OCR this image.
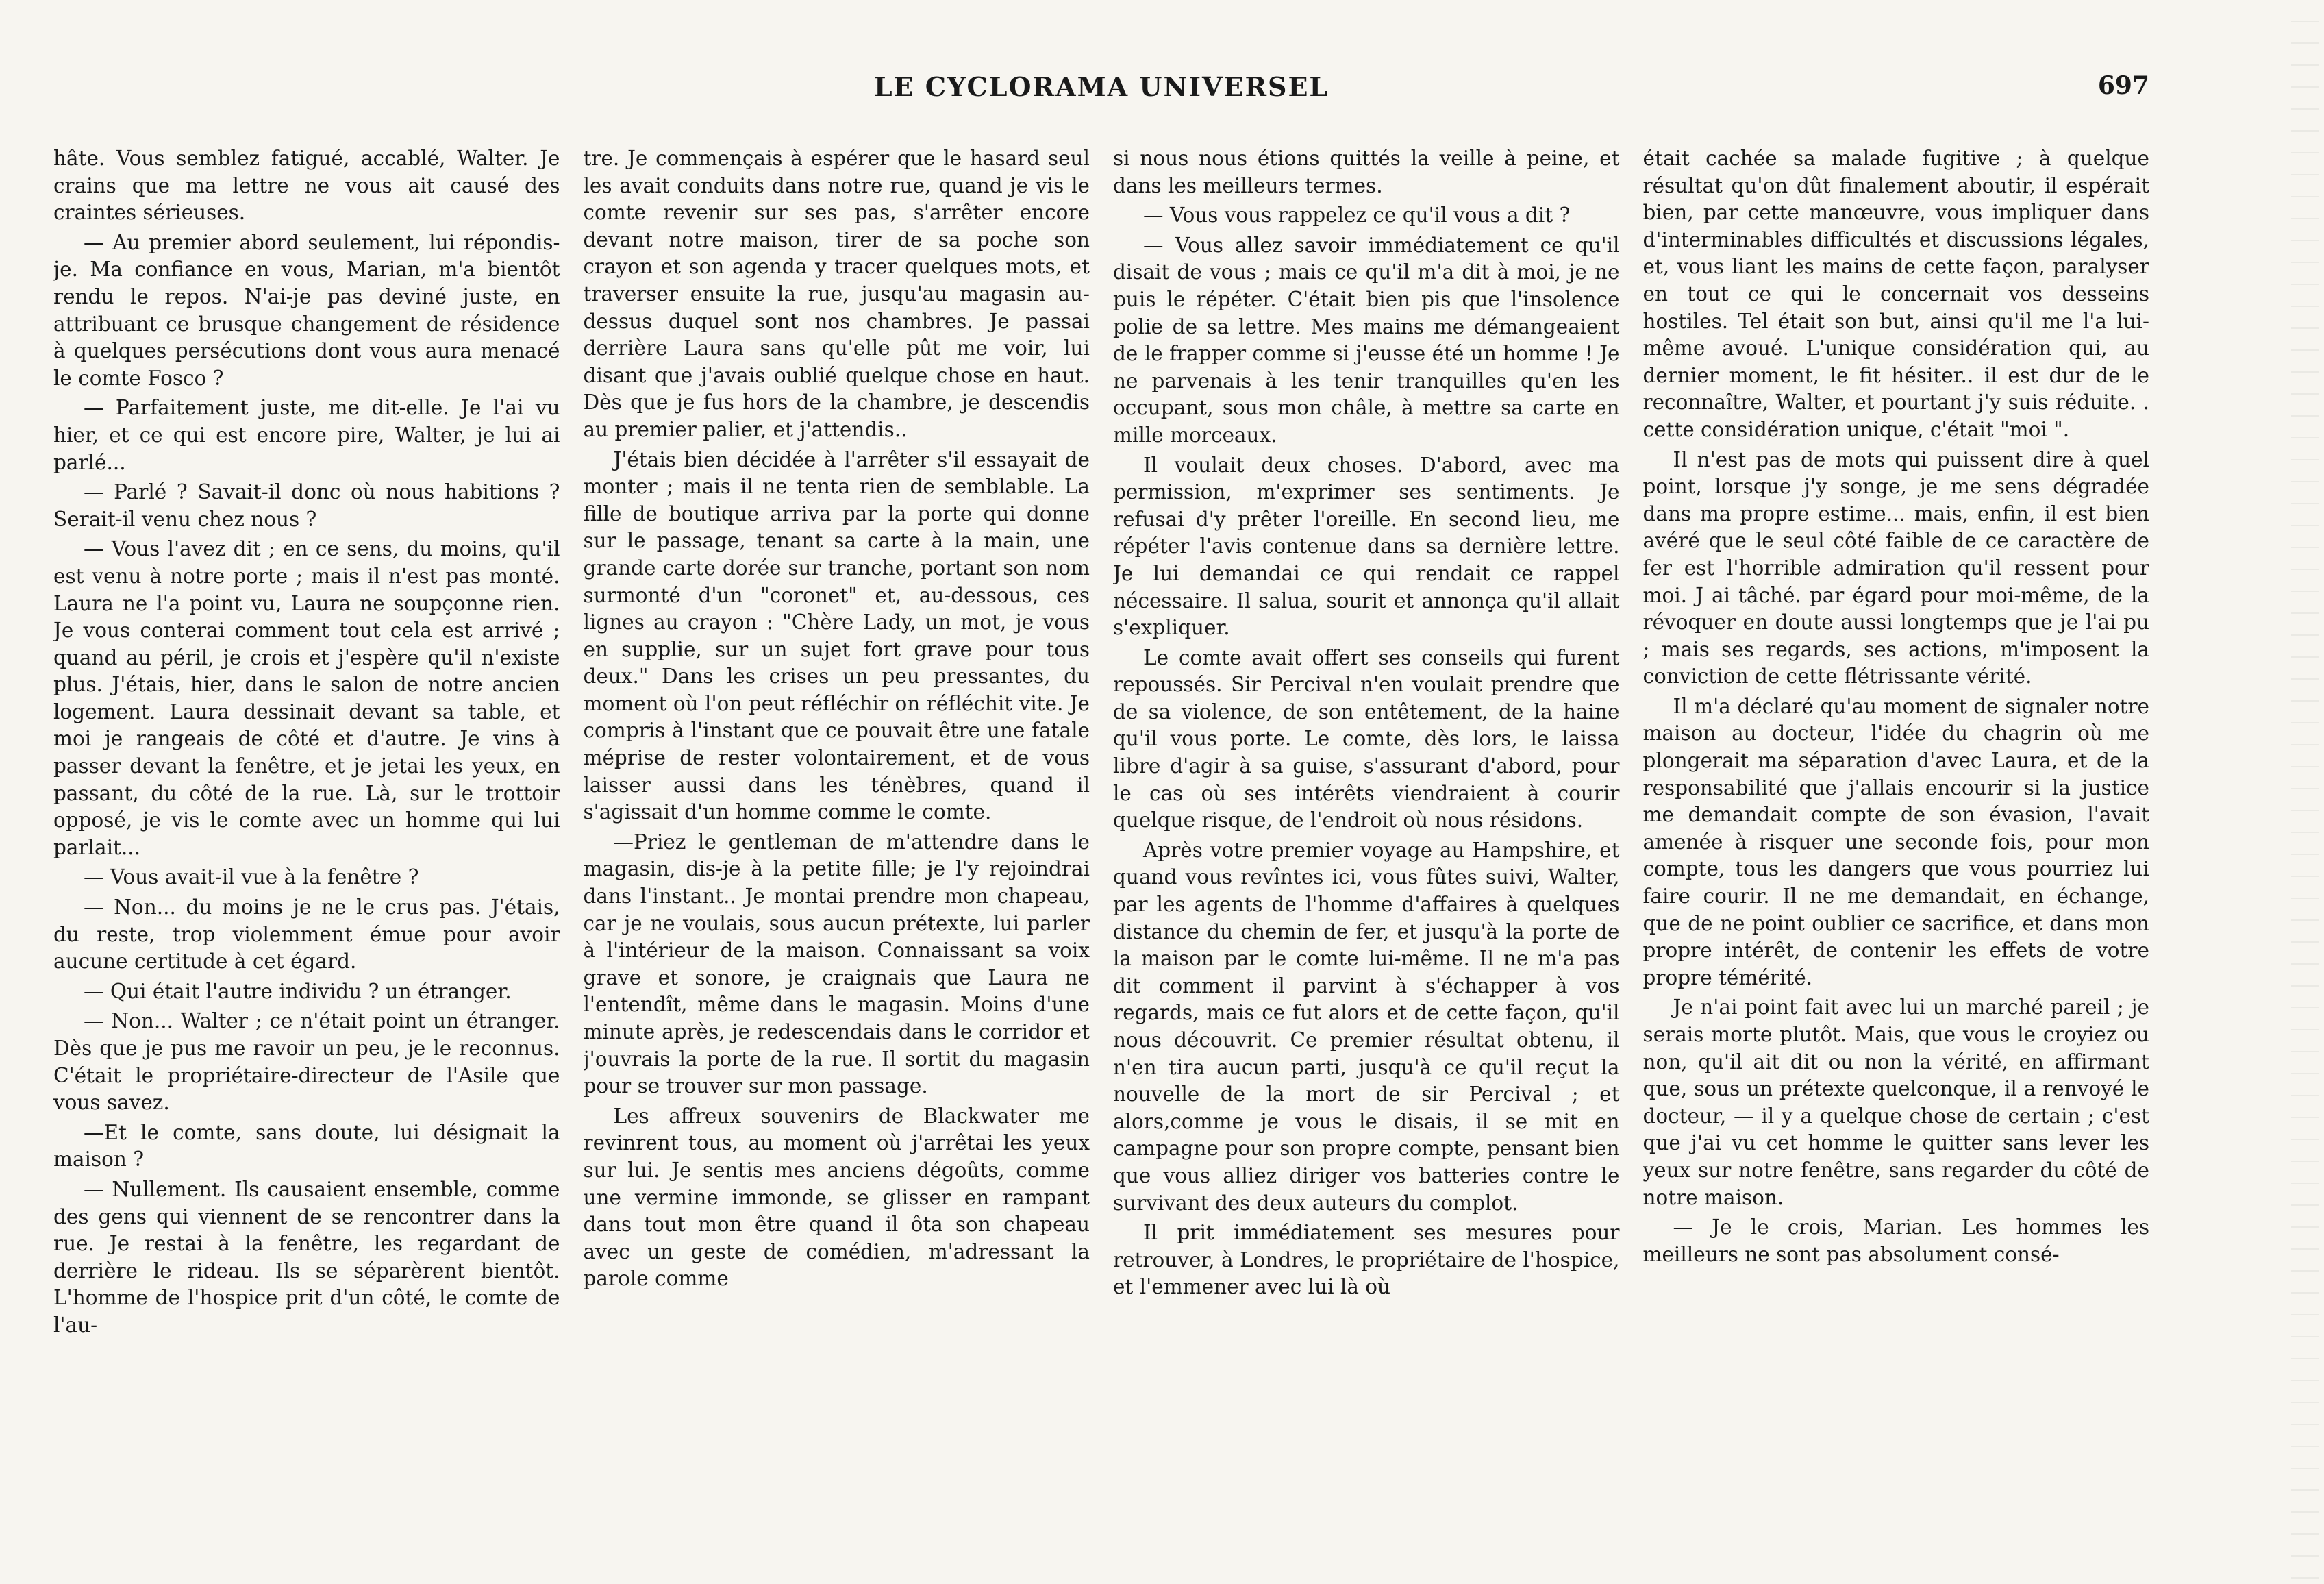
LE CYCLORAMA UNIVERSEL	697

hâte. Vous semblez fatigué, accablé, Walter. Je crains que ma lettre ne vous ait causé des craintes sérieuses.

— Au premier abord seulement, lui répondis-je. Ma confiance en vous, Marian, m'a bientôt rendu le repos. N'ai-je pas deviné juste, en attribuant ce brusque changement de résidence à quelques persécutions dont vous aura menacé le comte Fosco ?

— Parfaitement juste, me dit-elle. Je l'ai vu hier, et ce qui est encore pire, Walter, je lui ai parlé...

— Parlé ? Savait-il donc où nous habitions ? Serait-il venu chez nous ?

— Vous l'avez dit ; en ce sens, du moins, qu'il est venu à notre porte ; mais il n'est pas monté. Laura ne l'a point vu, Laura ne soupçonne rien. Je vous conterai comment tout cela est arrivé ; quand au péril, je crois et j'espère qu'il n'existe plus. J'étais, hier, dans le salon de notre ancien logement. Laura dessinait devant sa table, et moi je rangeais de côté et d'autre. Je vins à passer devant la fenêtre, et je jetai les yeux, en passant, du côté de la rue. Là, sur le trottoir opposé, je vis le comte avec un homme qui lui parlait...

— Vous avait-il vue à la fenêtre ?

— Non... du moins je ne le crus pas. J'étais, du reste, trop violemment émue pour avoir aucune certitude à cet égard.

— Qui était l'autre individu ? un étranger.

— Non... Walter ; ce n'était point un étranger. Dès que je pus me ravoir un peu, je le reconnus. C'était le propriétaire-directeur de l'Asile que vous savez.

—Et le comte, sans doute, lui désignait la maison ?

— Nullement. Ils causaient ensemble, comme des gens qui viennent de se rencontrer dans la rue. Je restai à la fenêtre, les regardant de derrière le rideau. Ils se séparèrent bientôt. L'homme de l'hospice prit d'un côté, le comte de l'au-

tre. Je commençais à espérer que le hasard seul les avait conduits dans notre rue, quand je vis le comte revenir sur ses pas, s'arrêter encore devant notre maison, tirer de sa poche son crayon et son agenda y tracer quelques mots, et traverser ensuite la rue, jusqu'au magasin au-dessus duquel sont nos chambres. Je passai derrière Laura sans qu'elle pût me voir, lui disant que j'avais oublié quelque chose en haut. Dès que je fus hors de la chambre, je descendis au premier palier, et j'attendis..

J'étais bien décidée à l'arrêter s'il essayait de monter ; mais il ne tenta rien de semblable. La fille de boutique arriva par la porte qui donne sur le passage, tenant sa carte à la main, une grande carte dorée sur tranche, portant son nom surmonté d'un "coronet" et, au-dessous, ces lignes au crayon : "Chère Lady, un mot, je vous en supplie, sur un sujet fort grave pour tous deux." Dans les crises un peu pressantes, du moment où l'on peut réfléchir on réfléchit vite. Je compris à l'instant que ce pouvait être une fatale méprise de rester volontairement, et de vous laisser aussi dans les ténèbres, quand il s'agissait d'un homme comme le comte.

—Priez le gentleman de m'attendre dans le magasin, dis-je à la petite fille; je l'y rejoindrai dans l'instant.. Je montai prendre mon chapeau, car je ne voulais, sous aucun prétexte, lui parler à l'intérieur de la maison. Connaissant sa voix grave et sonore, je craignais que Laura ne l'entendît, même dans le magasin. Moins d'une minute après, je redescendais dans le corridor et j'ouvrais la porte de la rue. Il sortit du magasin pour se trouver sur mon passage.

Les affreux souvenirs de Blackwater me revinrent tous, au moment où j'arrêtai les yeux sur lui. Je sentis mes anciens dégoûts, comme une vermine immonde, se glisser en rampant dans tout mon être quand il ôta son chapeau avec un geste de comédien, m'adressant la parole comme

si nous nous étions quittés la veille à peine, et dans les meilleurs termes.

— Vous vous rappelez ce qu'il vous a dit ?

— Vous allez savoir immédiatement ce qu'il disait de vous ; mais ce qu'il m'a dit à moi, je ne puis le répéter. C'était bien pis que l'insolence polie de sa lettre. Mes mains me démangeaient de le frapper comme si j'eusse été un homme ! Je ne parvenais à les tenir tranquilles qu'en les occupant, sous mon châle, à mettre sa carte en mille morceaux.

Il voulait deux choses. D'abord, avec ma permission, m'exprimer ses sentiments. Je refusai d'y prêter l'oreille. En second lieu, me répéter l'avis contenue dans sa dernière lettre. Je lui demandai ce qui rendait ce rappel nécessaire. Il salua, sourit et annonça qu'il allait s'expliquer.

Le comte avait offert ses conseils qui furent repoussés. Sir Percival n'en voulait prendre que de sa violence, de son entêtement, de la haine qu'il vous porte. Le comte, dès lors, le laissa libre d'agir à sa guise, s'assurant d'abord, pour le cas où ses intérêts viendraient à courir quelque risque, de l'endroit où nous résidons.

Après votre premier voyage au Hampshire, et quand vous revîntes ici, vous fûtes suivi, Walter, par les agents de l'homme d'affaires à quelques distance du chemin de fer, et jusqu'à la porte de la maison par le comte lui-même. Il ne m'a pas dit comment il parvint à s'échapper à vos regards, mais ce fut alors et de cette façon, qu'il nous découvrit. Ce premier résultat obtenu, il n'en tira aucun parti, jusqu'à ce qu'il reçut la nouvelle de la mort de sir Percival ; et alors,comme je vous le disais, il se mit en campagne pour son propre compte, pensant bien que vous alliez diriger vos batteries contre le survivant des deux auteurs du complot.

Il prit immédiatement ses mesures pour retrouver, à Londres, le propriétaire de l'hospice, et l'emmener avec lui là où

était cachée sa malade fugitive ; à quelque résultat qu'on dût finalement aboutir, il espérait bien, par cette manœuvre, vous impliquer dans d'interminables difficultés et discussions légales, et, vous liant les mains de cette façon, paralyser en tout ce qui le concernait vos desseins hostiles. Tel était son but, ainsi qu'il me l'a lui-même avoué. L'unique considération qui, au dernier moment, le fit hésiter.. il est dur de le reconnaître, Walter, et pourtant j'y suis réduite. . cette considération unique, c'était "moi ".

Il n'est pas de mots qui puissent dire à quel point, lorsque j'y songe, je me sens dégradée dans ma propre estime... mais, enfin, il est bien avéré que le seul côté faible de ce caractère de fer est l'horrible admiration qu'il ressent pour moi. J ai tâché. par égard pour moi-même, de la révoquer en doute aussi longtemps que je l'ai pu ; mais ses regards, ses actions, m'imposent la conviction de cette flétrissante vérité.

Il m'a déclaré qu'au moment de signaler notre maison au docteur, l'idée du chagrin où me plongerait ma séparation d'avec Laura, et de la responsabilité que j'allais encourir si la justice me demandait compte de son évasion, l'avait amenée à risquer une seconde fois, pour mon compte, tous les dangers que vous pourriez lui faire courir. Il ne me demandait, en échange, que de ne point oublier ce sacrifice, et dans mon propre intérêt, de contenir les effets de votre propre témérité.

Je n'ai point fait avec lui un marché pareil ; je serais morte plutôt. Mais, que vous le croyiez ou non, qu'il ait dit ou non la vérité, en affirmant que, sous un prétexte quelconque, il a renvoyé le docteur, — il y a quelque chose de certain ; c'est que j'ai vu cet homme le quitter sans lever les yeux sur notre fenêtre, sans regarder du côté de notre maison.

— Je le crois, Marian. Les hommes les meilleurs ne sont pas absolument consé-
